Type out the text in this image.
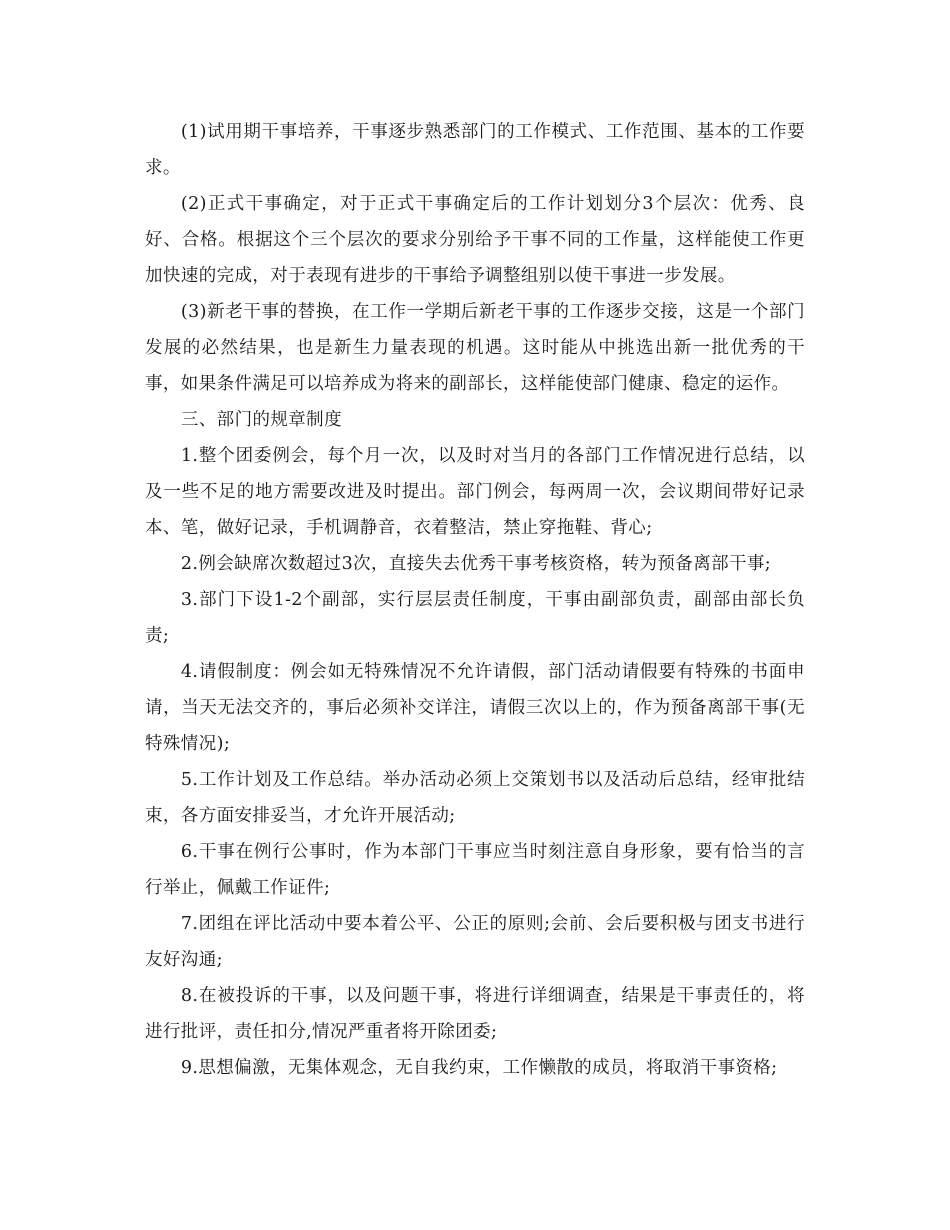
(1)试用期干事培养，干事逐步熟悉部门的工作模式、工作范围、基本的工作要求。

(2)正式干事确定，对于正式干事确定后的工作计划划分3个层次：优秀、良好、合格。根据这个三个层次的要求分别给予干事不同的工作量，这样能使工作更加快速的完成，对于表现有进步的干事给予调整组别以使干事进一步发展。

(3)新老干事的替换，在工作一学期后新老干事的工作逐步交接，这是一个部门发展的必然结果，也是新生力量表现的机遇。这时能从中挑选出新一批优秀的干事，如果条件满足可以培养成为将来的副部长，这样能使部门健康、稳定的运作。

三、部门的规章制度

1.整个团委例会，每个月一次，以及时对当月的各部门工作情况进行总结，以及一些不足的地方需要改进及时提出。部门例会，每两周一次，会议期间带好记录本、笔，做好记录，手机调静音，衣着整洁，禁止穿拖鞋、背心;

2.例会缺席次数超过3次，直接失去优秀干事考核资格，转为预备离部干事;

3.部门下设1-2个副部，实行层层责任制度，干事由副部负责，副部由部长负责;

4.请假制度：例会如无特殊情况不允许请假，部门活动请假要有特殊的书面申请，当天无法交齐的，事后必须补交详注，请假三次以上的，作为预备离部干事(无特殊情况);

5.工作计划及工作总结。举办活动必须上交策划书以及活动后总结，经审批结束，各方面安排妥当，才允许开展活动;

6.干事在例行公事时，作为本部门干事应当时刻注意自身形象，要有恰当的言行举止，佩戴工作证件;

7.团组在评比活动中要本着公平、公正的原则;会前、会后要积极与团支书进行友好沟通;

8.在被投诉的干事，以及问题干事，将进行详细调查，结果是干事责任的，将进行批评，责任扣分,情况严重者将开除团委;

9.思想偏激，无集体观念，无自我约束，工作懒散的成员，将取消干事资格;
